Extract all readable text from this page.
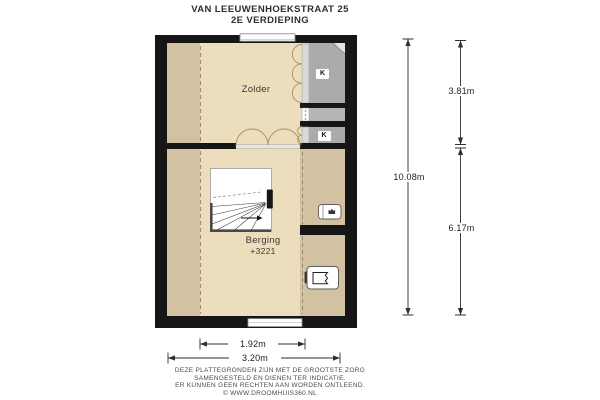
VAN LEEUWENHOEKSTRAAT 25
2E VERDIEPING
Zolder
Berging
+3221
K
K
10.08m
3.81m
6.17m
1.92m
3.20m
DEZE PLATTEGRONDEN ZIJN MET DE GROOTSTE ZORG
SAMENGESTELD EN DIENEN TER INDICATIE.
ER KUNNEN GEEN RECHTEN AAN WORDEN ONTLEEND.
© WWW.DROOMHUIS360.NL
